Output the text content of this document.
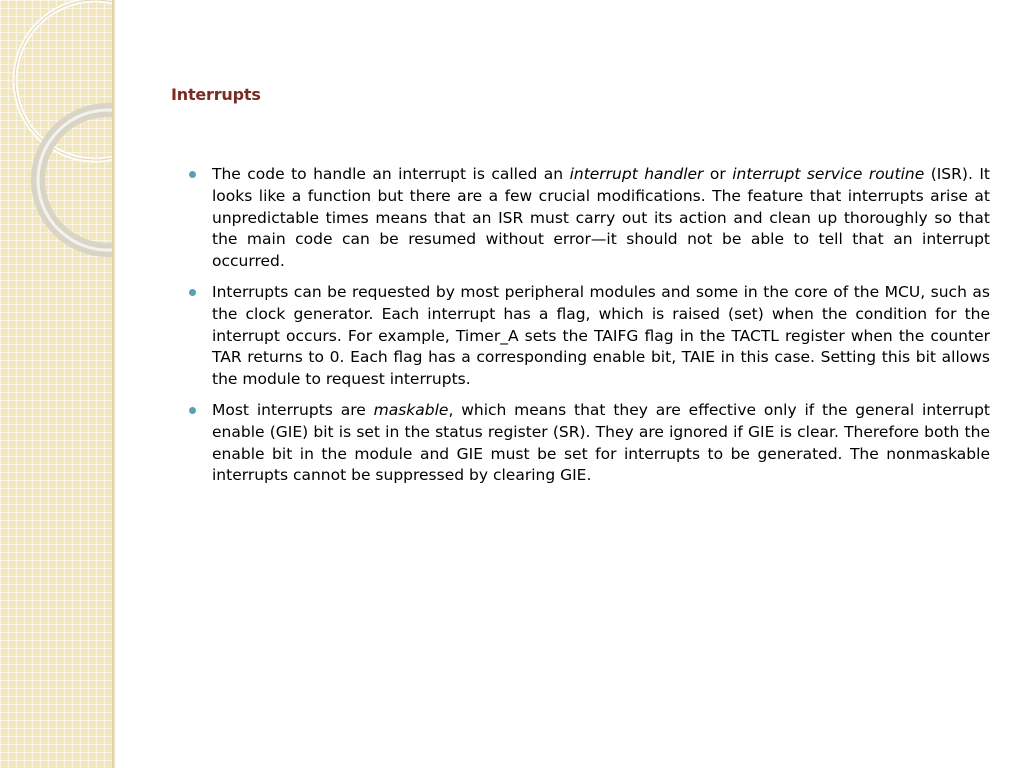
Interrupts
The code to handle an interrupt is called an interrupt handler or interrupt service routine (ISR). It looks like a function but there are a few crucial modifications. The feature that interrupts arise at unpredictable times means that an ISR must carry out its action and clean up thoroughly so that the main code can be resumed without error—it should not be able to tell that an interrupt occurred.
Interrupts can be requested by most peripheral modules and some in the core of the MCU, such as the clock generator. Each interrupt has a flag, which is raised (set) when the condition for the interrupt occurs. For example, Timer_A sets the TAIFG flag in the TACTL register when the counter TAR returns to 0. Each flag has a corresponding enable bit, TAIE in this case. Setting this bit allows the module to request interrupts.
Most interrupts are maskable, which means that they are effective only if the general interrupt enable (GIE) bit is set in the status register (SR). They are ignored if GIE is clear. Therefore both the enable bit in the module and GIE must be set for interrupts to be generated. The nonmaskable interrupts cannot be suppressed by clearing GIE.
